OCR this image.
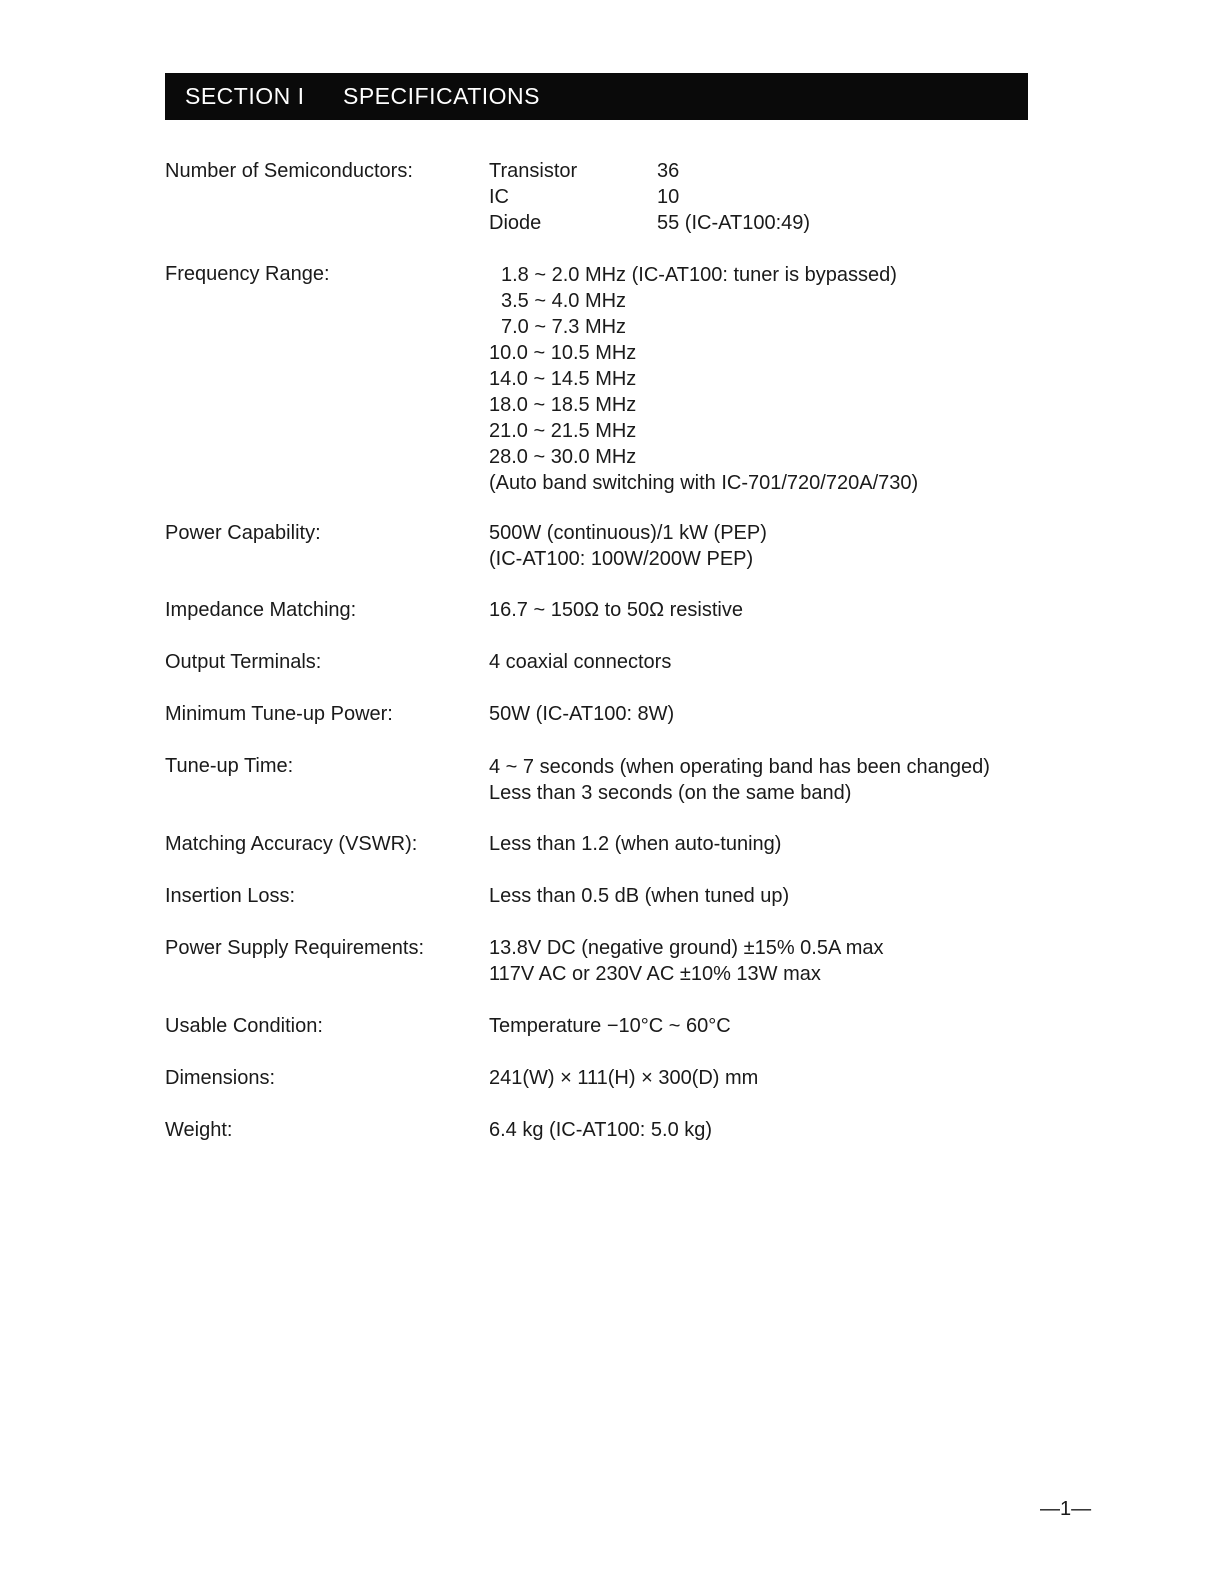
SECTION I SPECIFICATIONS
Number of Semiconductors:	Transistor	36
IC	10
Diode	55 (IC-AT100:49)
Frequency Range:	1.8 ~ 2.0 MHz (IC-AT100: tuner is bypassed)
3.5 ~ 4.0 MHz
7.0 ~ 7.3 MHz
10.0 ~ 10.5 MHz
14.0 ~ 14.5 MHz
18.0 ~ 18.5 MHz
21.0 ~ 21.5 MHz
28.0 ~ 30.0 MHz
(Auto band switching with IC-701/720/720A/730)
Power Capability:	500W (continuous)/1 kW (PEP)
(IC-AT100: 100W/200W PEP)
Impedance Matching:	16.7 ~ 150Ω to 50Ω resistive
Output Terminals:	4 coaxial connectors
Minimum Tune-up Power:	50W (IC-AT100: 8W)
Tune-up Time:	4 ~ 7 seconds (when operating band has been changed)
Less than 3 seconds (on the same band)
Matching Accuracy (VSWR):	Less than 1.2 (when auto-tuning)
Insertion Loss:	Less than 0.5 dB (when tuned up)
Power Supply Requirements:	13.8V DC (negative ground) ±15% 0.5A max
117V AC or 230V AC ±10% 13W max
Usable Condition:	Temperature −10°C ~ 60°C
Dimensions:	241(W) × 111(H) × 300(D) mm
Weight:	6.4 kg (IC-AT100: 5.0 kg)
—1—
